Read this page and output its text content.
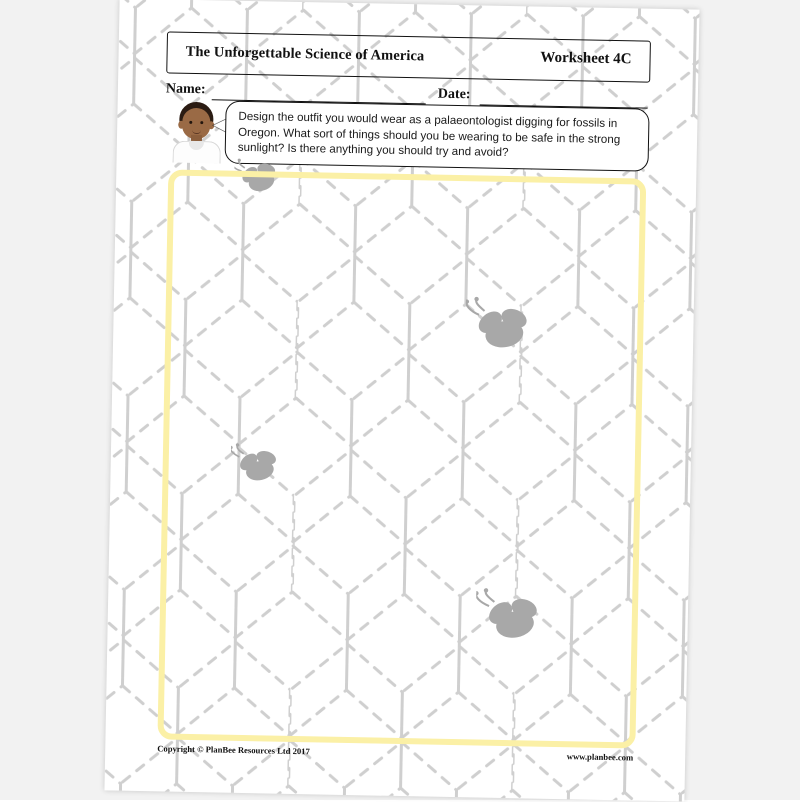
The Unforgettable Science of America	Worksheet 4C
Name:	Date:
Design the outfit you would wear as a palaeontologist digging for fossils in Oregon. What sort of things should you be wearing to be safe in the strong sunlight? Is there anything you should try and avoid?
Copyright © PlanBee Resources Ltd 2017
www.planbee.com
